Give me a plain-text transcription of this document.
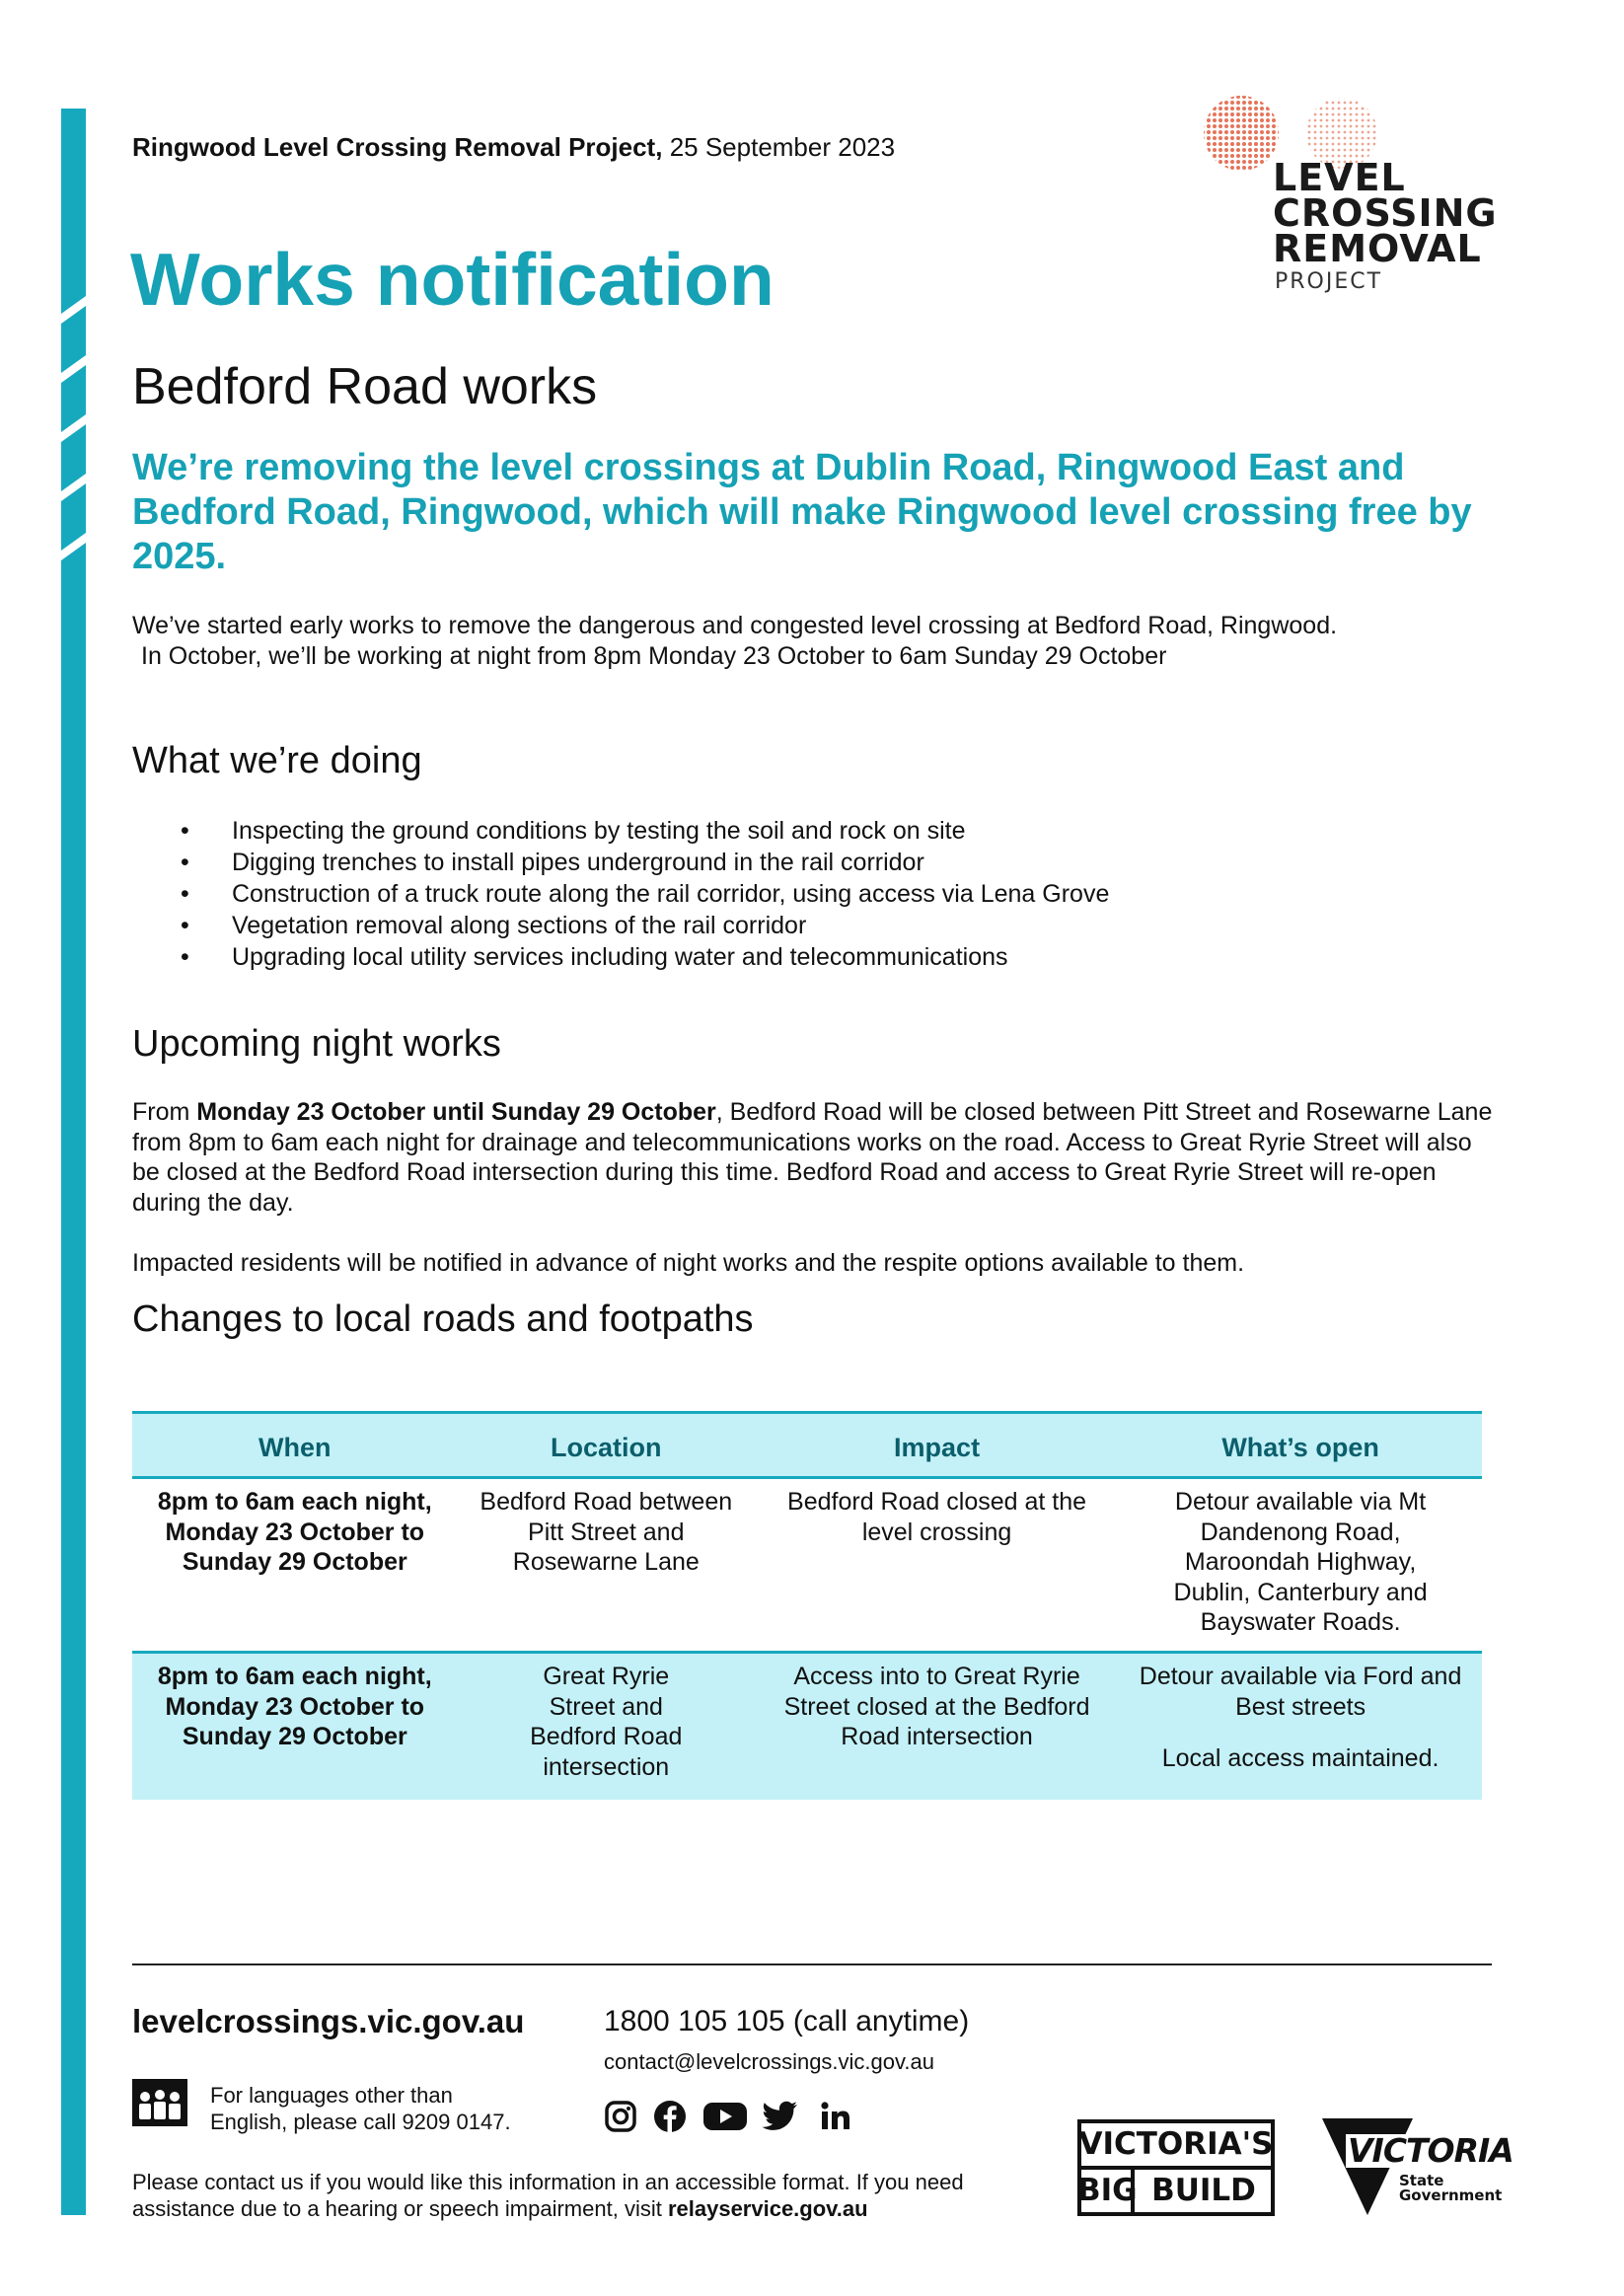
LEVEL
CROSSING
REMOVAL
PROJECT
Ringwood Level Crossing Removal Project, 25 September 2023
Works notification
Bedford Road works
We’re removing the level crossings at Dublin Road, Ringwood East and Bedford Road, Ringwood, which will make Ringwood level crossing free by 2025.

We’ve started early works to remove the dangerous and congested level crossing at Bedford Road, Ringwood.

In October, we’ll be working at night from 8pm Monday 23 October to 6am Sunday 29 October

What we’re doing
• Inspecting the ground conditions by testing the soil and rock on site
• Digging trenches to install pipes underground in the rail corridor
• Construction of a truck route along the rail corridor, using access via Lena Grove
• Vegetation removal along sections of the rail corridor
• Upgrading local utility services including water and telecommunications
Upcoming night works

From Monday 23 October until Sunday 29 October, Bedford Road will be closed between Pitt Street and Rosewarne Lane from 8pm to 6am each night for drainage and telecommunications works on the road. Access to Great Ryrie Street will also be closed at the Bedford Road intersection during this time. Bedford Road and access to Great Ryrie Street will re-open during the day.

Impacted residents will be notified in advance of night works and the respite options available to them.

Changes to local roads and footpaths
When	Location	Impact	What’s open
8pm to 6am each night, Monday 23 October to Sunday 29 October	Bedford Road between Pitt Street and Rosewarne Lane	Bedford Road closed at the level crossing	Detour available via Mt Dandenong Road, Maroondah Highway, Dublin, Canterbury and Bayswater Roads.

8pm to 6am each night, Monday 23 October to Sunday 29 October	Great Ryrie Street and Bedford Road intersection	Access into to Great Ryrie Street closed at the Bedford Road intersection	Detour available via Ford and Best streets

Local access maintained.

levelcrossings.vic.gov.au	1800 105 105 (call anytime)
contact@levelcrossings.vic.gov.au
For languages other than
English, please call 9209 0147.
Please contact us if you would like this information in an accessible format. If you need assistance due to a hearing or speech impairment, visit relayservice.gov.au
VICTORIA'S
BIG BUILD
VICTORIA
State
Government
